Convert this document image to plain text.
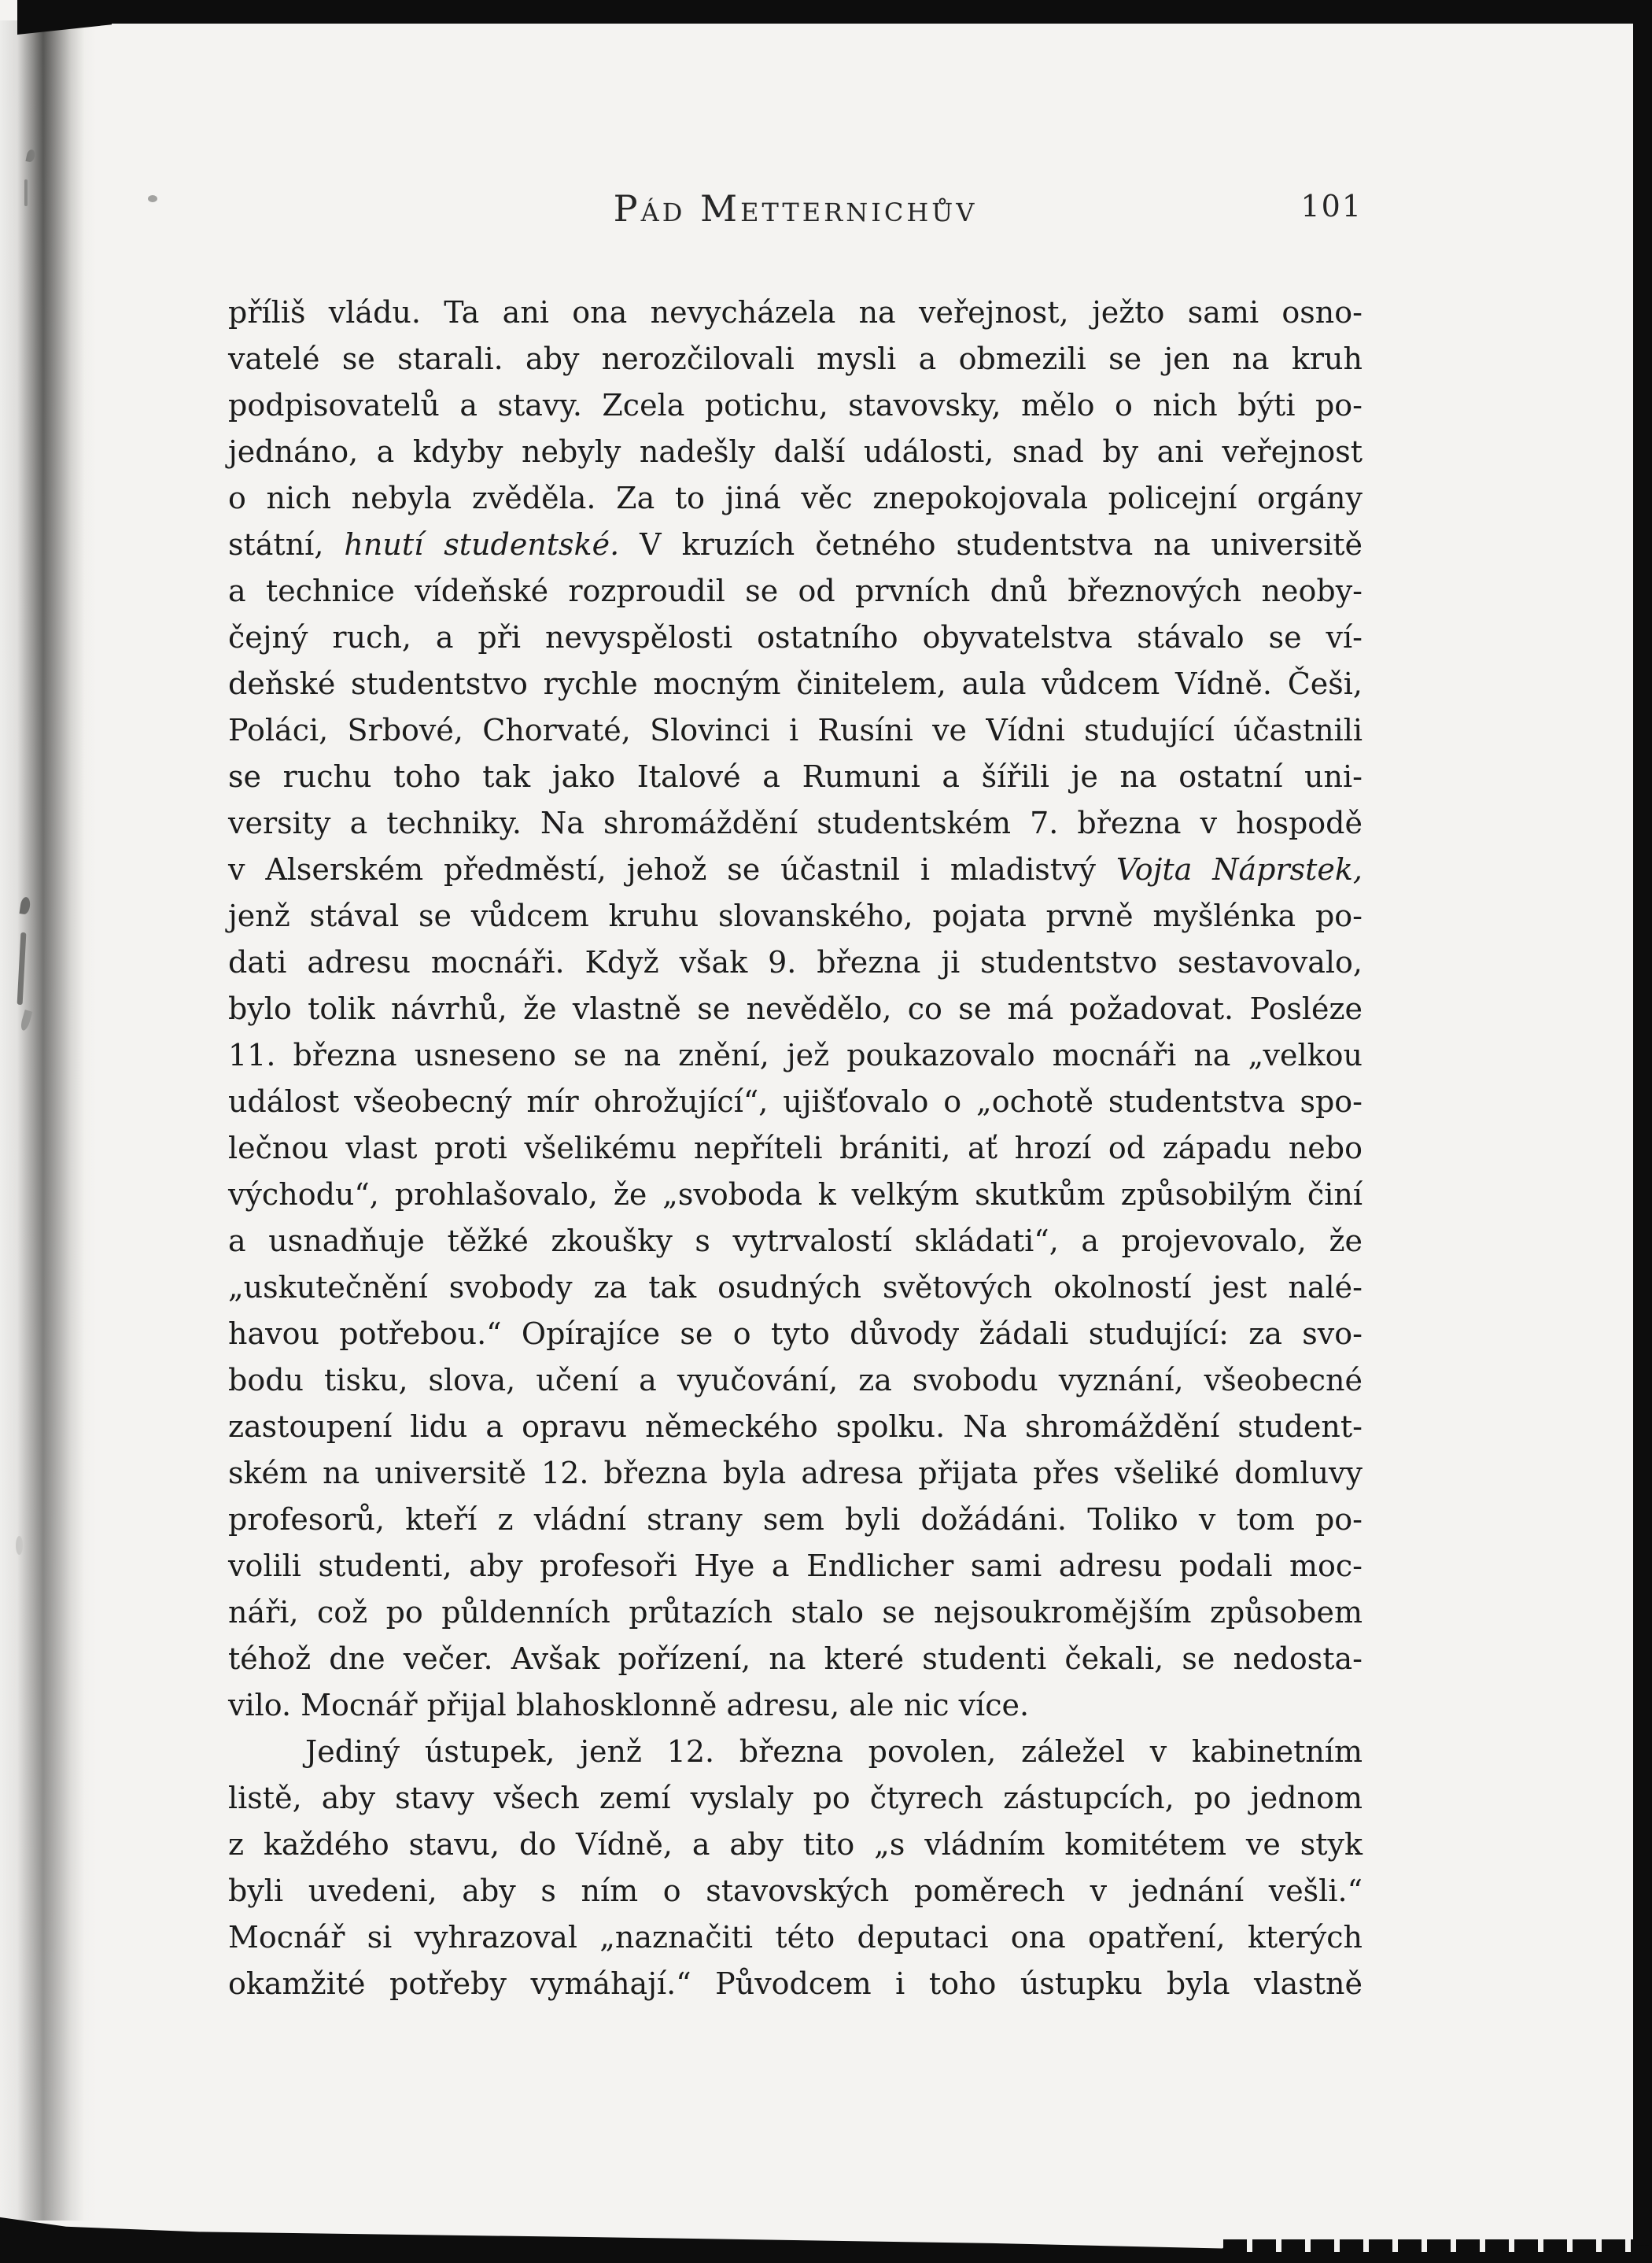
Pád Metternichův	101
příliš vládu. Ta ani ona nevycházela na veřejnost, ježto sami osno-
vatelé se starali. aby nerozčilovali mysli a obmezili se jen na kruh
podpisovatelů a stavy. Zcela potichu, stavovsky, mělo o nich býti po-
jednáno, a kdyby nebyly nadešly další události, snad by ani veřejnost
o nich nebyla zvěděla. Za to jiná věc znepokojovala policejní orgány
státní, hnutí studentské. V kruzích četného studentstva na universitě
a technice vídeňské rozproudil se od prvních dnů březnových neoby-
čejný ruch, a při nevyspělosti ostatního obyvatelstva stávalo se ví-
deňské studentstvo rychle mocným činitelem, aula vůdcem Vídně. Češi,
Poláci, Srbové, Chorvaté, Slovinci i Rusíni ve Vídni studující účastnili
se ruchu toho tak jako Italové a Rumuni a šířili je na ostatní uni-
versity a techniky. Na shromáždění studentském 7. března v hospodě
v Alserském předměstí, jehož se účastnil i mladistvý Vojta Náprstek,
jenž stával se vůdcem kruhu slovanského, pojata prvně myšlénka po-
dati adresu mocnáři. Když však 9. března ji studentstvo sestavovalo,
bylo tolik návrhů, že vlastně se nevědělo, co se má požadovat. Posléze
11. března usneseno se na znění, jež poukazovalo mocnáři na „velkou
událost všeobecný mír ohrožující“, ujišťovalo o „ochotě studentstva spo-
lečnou vlast proti všelikému nepříteli brániti, ať hrozí od západu nebo
východu“, prohlašovalo, že „svoboda k velkým skutkům způsobilým činí
a usnadňuje těžké zkoušky s vytrvalostí skládati“, a projevovalo, že
„uskutečnění svobody za tak osudných světových okolností jest nalé-
havou potřebou.“ Opírajíce se o tyto důvody žádali studující: za svo-
bodu tisku, slova, učení a vyučování, za svobodu vyznání, všeobecné
zastoupení lidu a opravu německého spolku. Na shromáždění student-
ském na universitě 12. března byla adresa přijata přes všeliké domluvy
profesorů, kteří z vládní strany sem byli dožádáni. Toliko v tom po-
volili studenti, aby profesoři Hye a Endlicher sami adresu podali moc-
náři, což po půldenních průtazích stalo se nejsoukromějším způsobem
téhož dne večer. Avšak pořízení, na které studenti čekali, se nedosta-
vilo. Mocnář přijal blahosklonně adresu, ale nic více.
Jediný ústupek, jenž 12. března povolen, záležel v kabinetním
listě, aby stavy všech zemí vyslaly po čtyrech zástupcích, po jednom
z každého stavu, do Vídně, a aby tito „s vládním komitétem ve styk
byli uvedeni, aby s ním o stavovských poměrech v jednání vešli.“
Mocnář si vyhrazoval „naznačiti této deputaci ona opatření, kterých
okamžité potřeby vymáhají.“ Původcem i toho ústupku byla vlastně
